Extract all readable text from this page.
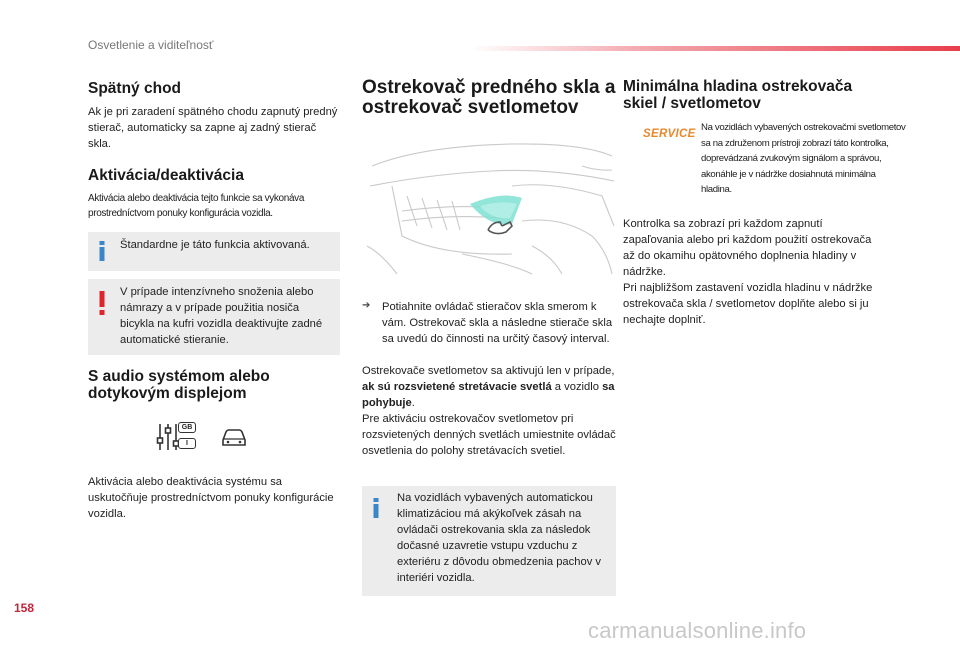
Osvetlenie a viditeľnosť
Spätný chod

Ak je pri zaradení spätného chodu zapnutý predný stierač, automaticky sa zapne aj zadný stierač skla.

Aktivácia/deaktivácia

Aktivácia alebo deaktivácia tejto funkcie sa vykonáva prostredníctvom ponuky konfigurácia vozidla.

Štandardne je táto funkcia aktivovaná.

V prípade intenzívneho snoženia alebo námrazy a v prípade použitia nosiča bicykla na kufri vozidla deaktivujte zadné automatické stieranie.

S audio systémom alebo dotykovým displejom
GB
I

Aktivácia alebo deaktivácia systému sa uskutočňuje prostredníctvom ponuky konfigurácie vozidla.

Ostrekovač predného skla a ostrekovač svetlometov
➔ Potiahnite ovládač stieračov skla smerom k vám. Ostrekovač skla a následne stierače skla sa uvedú do činnosti na určitý časový interval.

Ostrekovače svetlometov sa aktivujú len v prípade, ak sú rozsvietené stretávacie svetlá a vozidlo sa pohybuje.

Pre aktiváciu ostrekovačov svetlometov pri rozsvietených denných svetlách umiestnite ovládač osvetlenia do polohy stretávacích svetiel.

Na vozidlách vybavených automatickou klimatizáciou má akýkoľvek zásah na ovládači ostrekovania skla za následok dočasné uzavretie vstupu vzduchu z exteriéru z dôvodu obmedzenia pachov v interiéri vozidla.

Minimálna hladina ostrekovača skiel / svetlometov
SERVICE

Na vozidlách vybavených ostrekovačmi svetlometov sa na združenom prístroji zobrazí táto kontrolka, doprevádzaná zvukovým signálom a správou, akonáhle je v nádržke dosiahnutá minimálna hladina.

Kontrolka sa zobrazí pri každom zapnutí zapaľovania alebo pri každom použití ostrekovača až do okamihu opätovného doplnenia hladiny v nádržke.

Pri najbližšom zastavení vozidla hladinu v nádržke ostrekovača skla / svetlometov doplňte alebo si ju nechajte doplniť.

158
carmanualsonline.info
